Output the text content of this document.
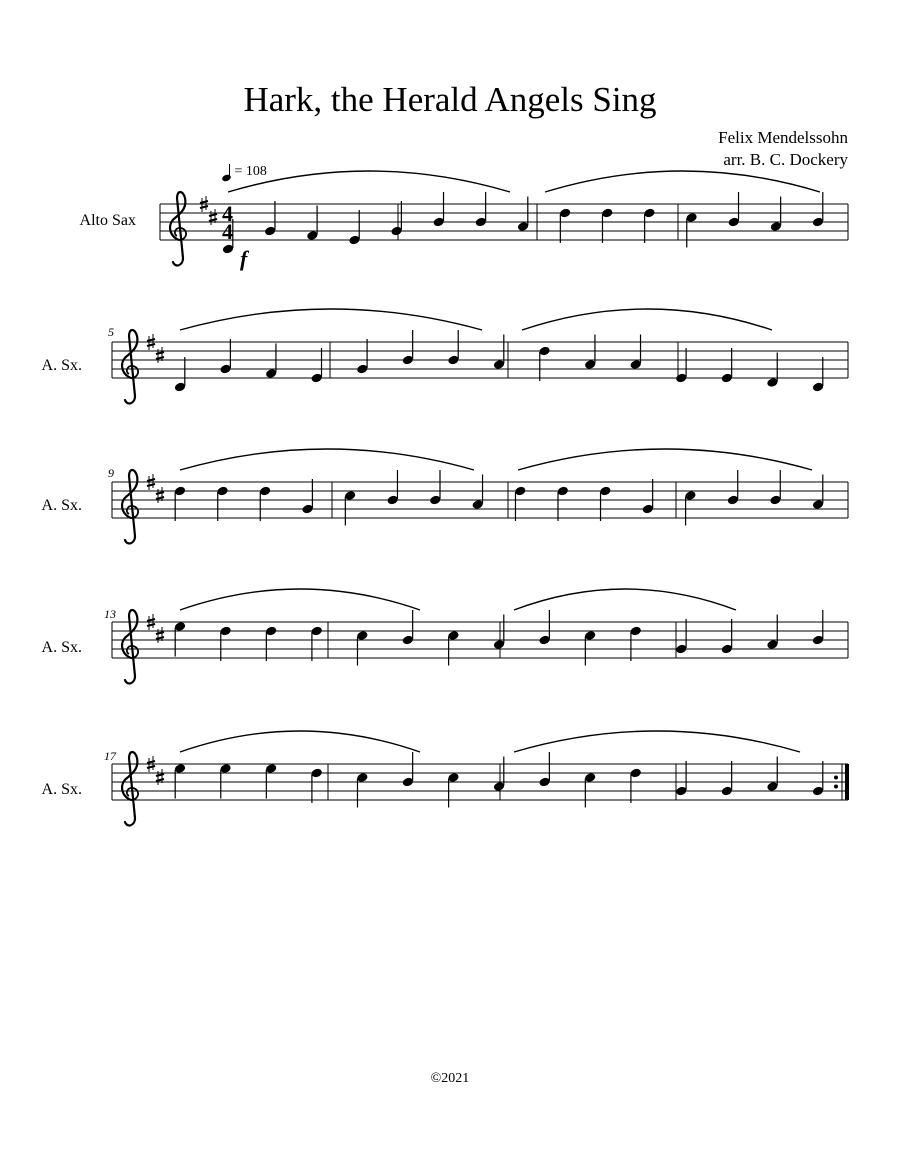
Hark, the Herald Angels Sing
Felix Mendelssohn
arr. B. C. Dockery
= 108
Alto Sax
A. Sx.
A. Sx.
A. Sx.
A. Sx.
5
9
13
17
f
4
4
©2021
